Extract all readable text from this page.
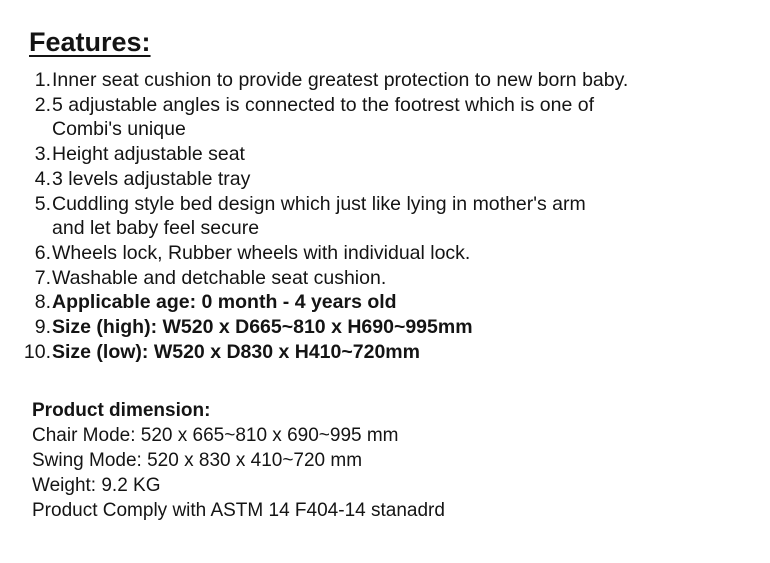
Features:
1. Inner seat cushion to provide greatest protection to new born baby.
2. 5 adjustable angles is connected to the footrest which is one of
Combi's unique
3. Height adjustable seat
4. 3 levels adjustable tray
5. Cuddling style bed design which just like lying in mother's arm
and let baby feel secure
6. Wheels lock, Rubber wheels with individual lock.
7. Washable and detchable seat cushion.
8. Applicable age: 0 month - 4 years old
9. Size (high): W520 x D665~810 x H690~995mm
10. Size (low): W520 x D830 x H410~720mm
Product dimension:
Chair Mode: 520 x 665~810 x 690~995 mm
Swing Mode: 520 x 830 x 410~720 mm
Weight: 9.2 KG
Product Comply with ASTM 14 F404-14 stanadrd
